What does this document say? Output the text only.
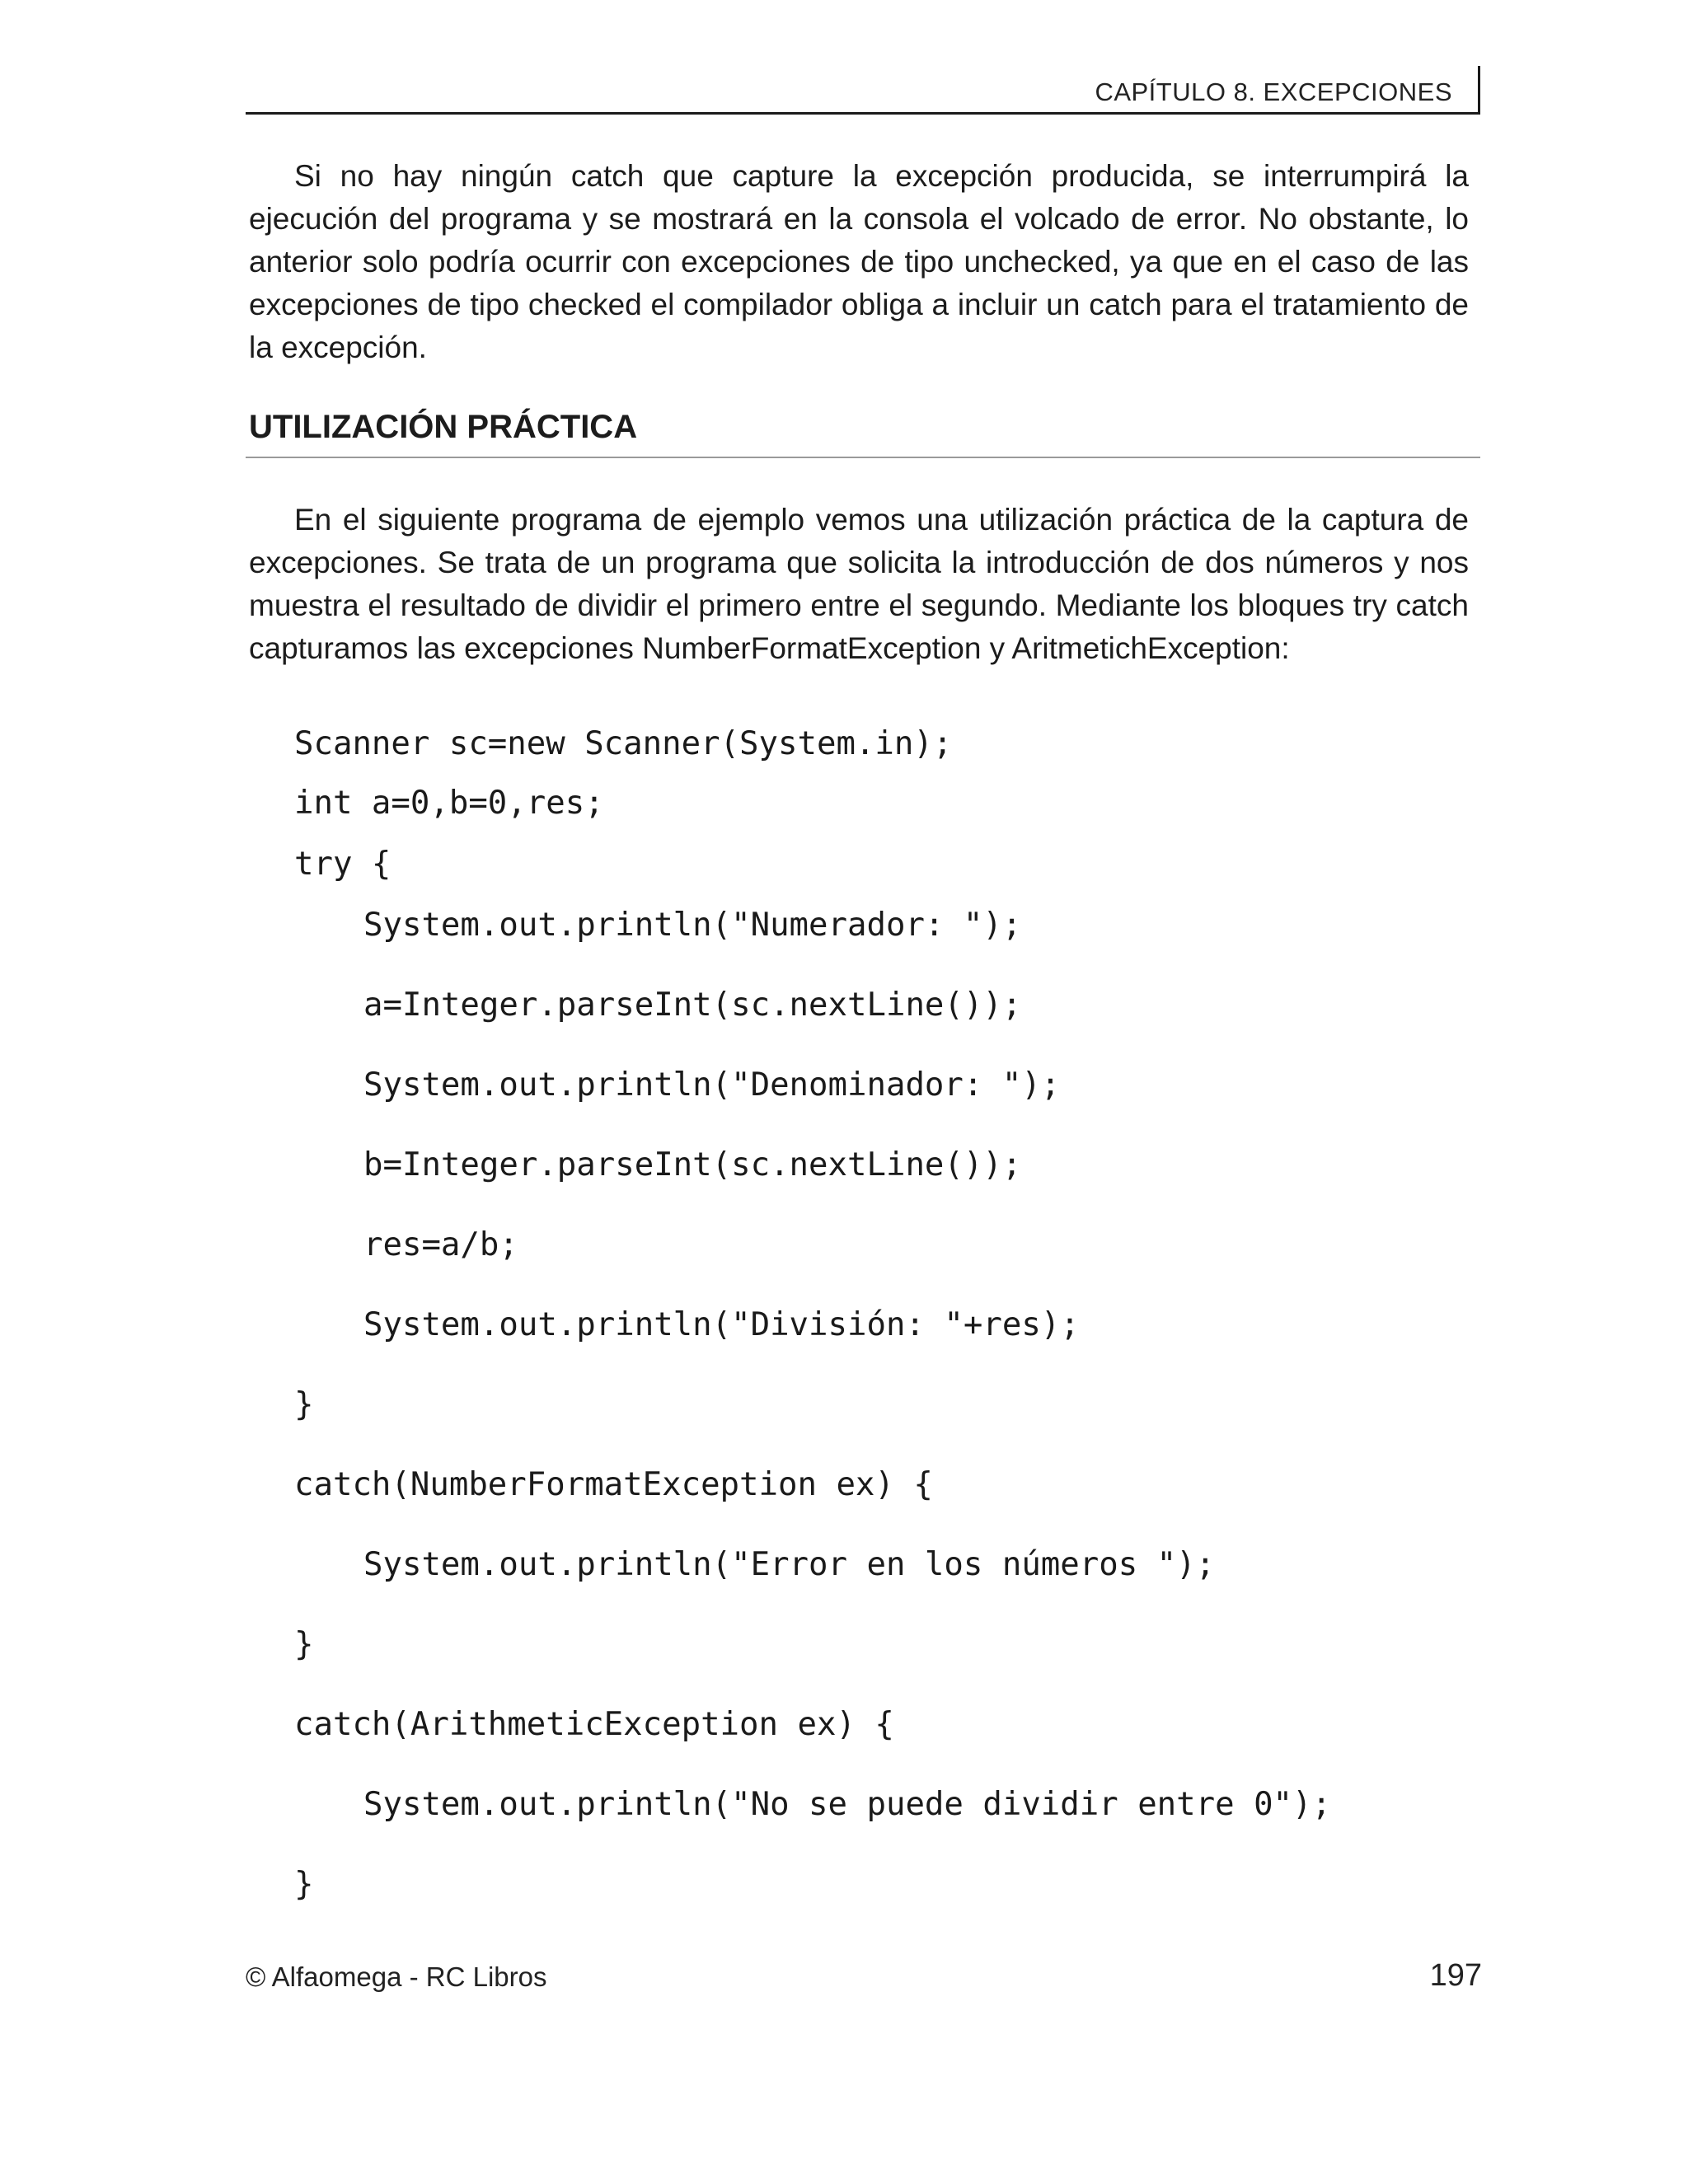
CAPÍTULO 8. EXCEPCIONES

Si no hay ningún catch que capture la excepción producida, se interrumpirá la ejecución del programa y se mostrará en la consola el volcado de error. No obstante, lo anterior solo podría ocurrir con excepciones de tipo unchecked, ya que en el caso de las excepciones de tipo checked el compilador obliga a incluir un catch para el tratamiento de la excepción.

UTILIZACIÓN PRÁCTICA

En el siguiente programa de ejemplo vemos una utilización práctica de la captura de excepciones. Se trata de un programa que solicita la introducción de dos números y nos muestra el resultado de dividir el primero entre el segundo. Mediante los bloques try catch capturamos las excepciones NumberFormatException y AritmetichException:

Scanner sc=new Scanner(System.in);
int a=0,b=0,res;
try {
System.out.println("Numerador: ");
a=Integer.parseInt(sc.nextLine());
System.out.println("Denominador: ");
b=Integer.parseInt(sc.nextLine());
res=a/b;
System.out.println("División: "+res);
}
catch(NumberFormatException ex) {
System.out.println("Error en los números ");
}
catch(ArithmeticException ex) {
System.out.println("No se puede dividir entre 0");
}
© Alfaomega - RC Libros	197
